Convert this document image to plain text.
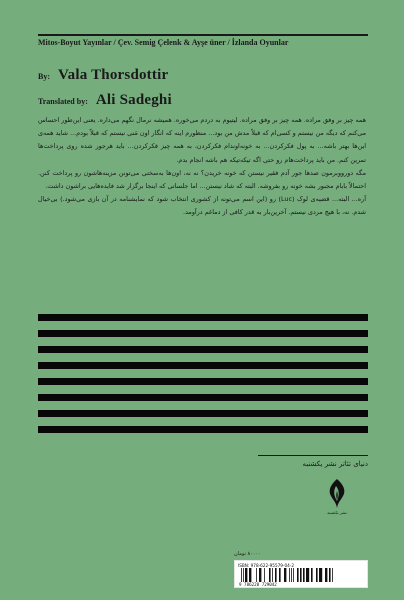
Mitos-Boyut Yayınlar / Çev. Semig Çelenk & Ayşe üner / İzlanda Oyunlar
By: Vala Thorsdottir
Translated by: Ali Sadeghi

همه چیز بر وفق مراده. همه چیز بر وفق مراده. لیتیوم به دردم می‌خوره. همیشه نرمال نگهم می‌داره. یعنی این‌طور احساس می‌کنم که دیگه من نیستم و کسی‌ام که قبلاً مدش من بود... منظورم اینه که انگار اون مَنی نیستم که قبلاً بودم... شاید همه‌ی این‌ها بهتر باشه... به پول فکرکردن... به خونه‌اوندام فکرکردن، به همه چیز فکرکردن... باید هرجور شده روی پرداخت‌ها تمرین کنم. من باید پرداخت‌هام رو حتی اگه تیکه‌تیکه هم باشه انجام بدم.

مگه دورووبرمون صدها جور آدم فقیر نیستن که خونه خریدن؟ نه نه، اون‌ها به‌سختی می‌تونن مزینه‌هاشون رو پرداخت کنن. احتمالاً بابام مجبور بشه خونه رو بفروشه. البته که شاد نیستن... اما جلساتی که اینجا برگزار شد فایده‌هایی براشون داشت.

آره... البته... قضیه‌ی لوک (Luc) رو (این اسم می‌تونه از کشوری انتخاب شود که نمایشنامه در آن بازی می‌شود.) بی‌خیال شدم. نه، با هیچ مردی نیستم. آخرین‌بار به قدر کافی از دماغم درآومد.

دنیای تئاتر نشر یکشنبه
نشر یکشنبه
۸۰۰۰۰ تومان
ISBN: 978-622-95579-04-2
9 786228 729042
